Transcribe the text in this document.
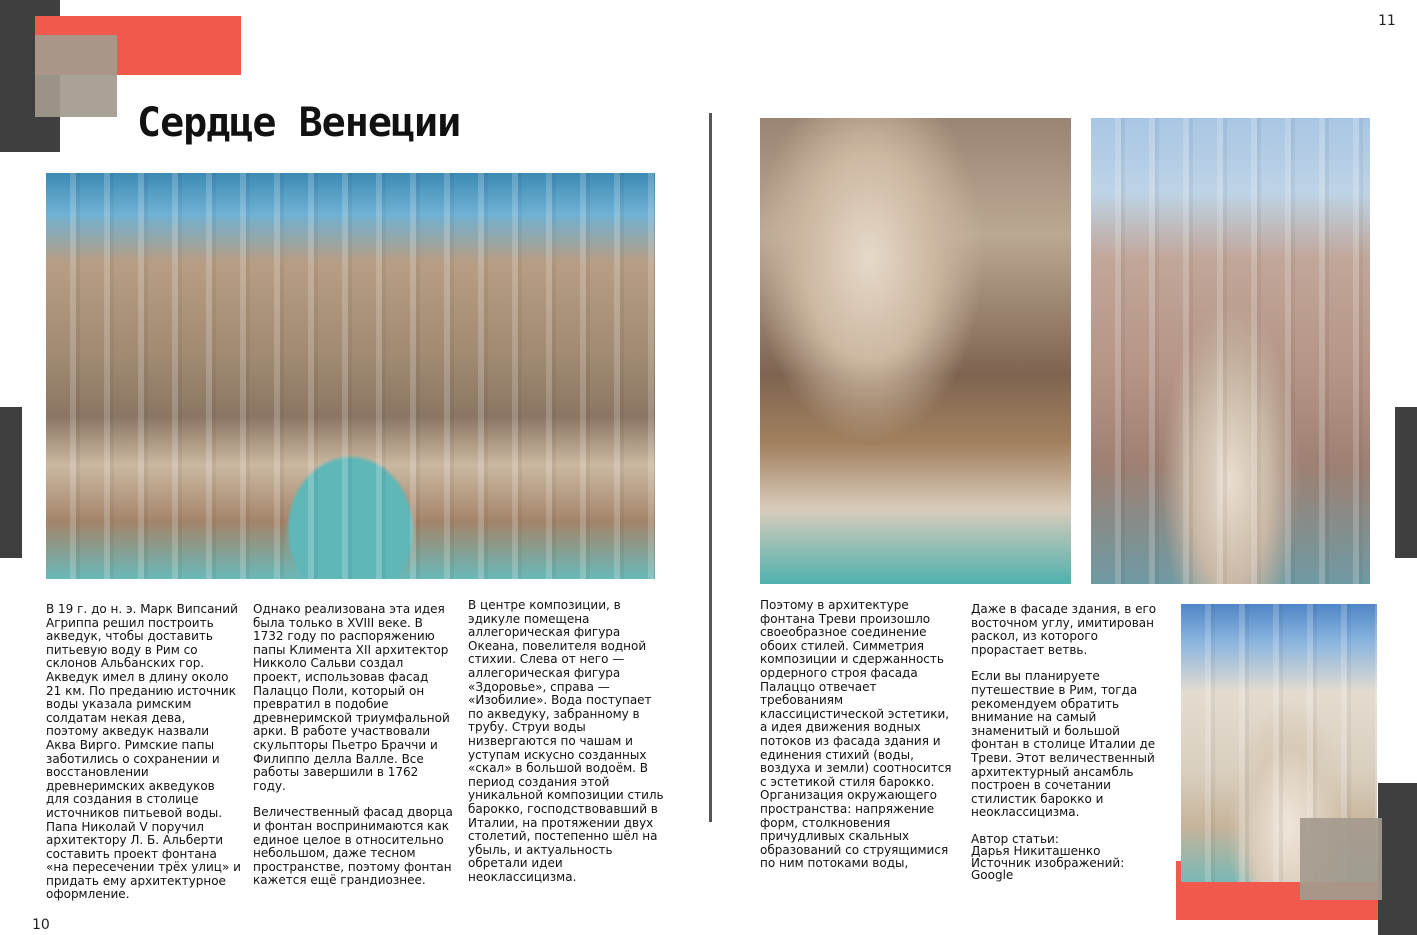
11
10
Сердце Венеции

В 19 г. до н. э. Марк Випсаний Агриппа решил построить акведук, чтобы доставить питьевую воду в Рим со склонов Альбанских гор. Акведук имел в длину около 21 км. По преданию источник воды указала римским солдатам некая дева, поэтому акведук назвали Аква Вирго. Римские папы заботились о сохранении и восстановлении древнеримских акведуков для создания в столице источников питьевой воды. Папа Николай V поручил архитектору Л. Б. Альберти составить проект фонтана «на пересечении трёх улиц» и придать ему архитектурное оформление.

Однако реализована эта идея была только в XVIII веке. В 1732 году по распоряжению папы Климента XII архитектор Никколо Сальви создал проект, использовав фасад Палаццо Поли, который он превратил в подобие древнеримской триумфальной арки. В работе участвовали скульпторы Пьетро Браччи и Филиппо делла Валле. Все работы завершили в 1762 году.

Величественный фасад дворца и фонтан воспринимаются как единое целое в относительно небольшом, даже тесном пространстве, поэтому фонтан кажется ещё грандиознее.

В центре композиции, в эдикуле помещена аллегорическая фигура Океана, повелителя водной стихии. Слева от него — аллегорическая фигура «Здоровье», справа — «Изобилие». Вода поступает по акведуку, забранному в трубу. Струи воды низвергаются по чашам и уступам искусно созданных «скал» в большой водоём. В период создания этой уникальной композиции стиль барокко, господствовавший в Италии, на протяжении двух столетий, постепенно шёл на убыль, и актуальность обретали идеи неоклассицизма.

Поэтому в архитектуре фонтана Треви произошло своеобразное соединение обоих стилей. Симметрия композиции и сдержанность ордерного строя фасада Палаццо отвечает требованиям классицистической эстетики, а идея движения водных потоков из фасада здания и единения стихий (воды, воздуха и земли) соотносится с эстетикой стиля барокко. Организация окружающего пространства: напряжение форм, столкновения причудливых скальных образований со струящимися по ним потоками воды,

Даже в фасаде здания, в его восточном углу, имитирован раскол, из которого прорастает ветвь.

Если вы планируете путешествие в Рим, тогда рекомендуем обратить внимание на самый знаменитый и большой фонтан в столице Италии де Треви. Этот величественный архитектурный ансамбль построен в сочетании стилистик барокко и неоклассицизма.

Автор статьи:
Дарья Никиташенко
Источник изображений:
Google
